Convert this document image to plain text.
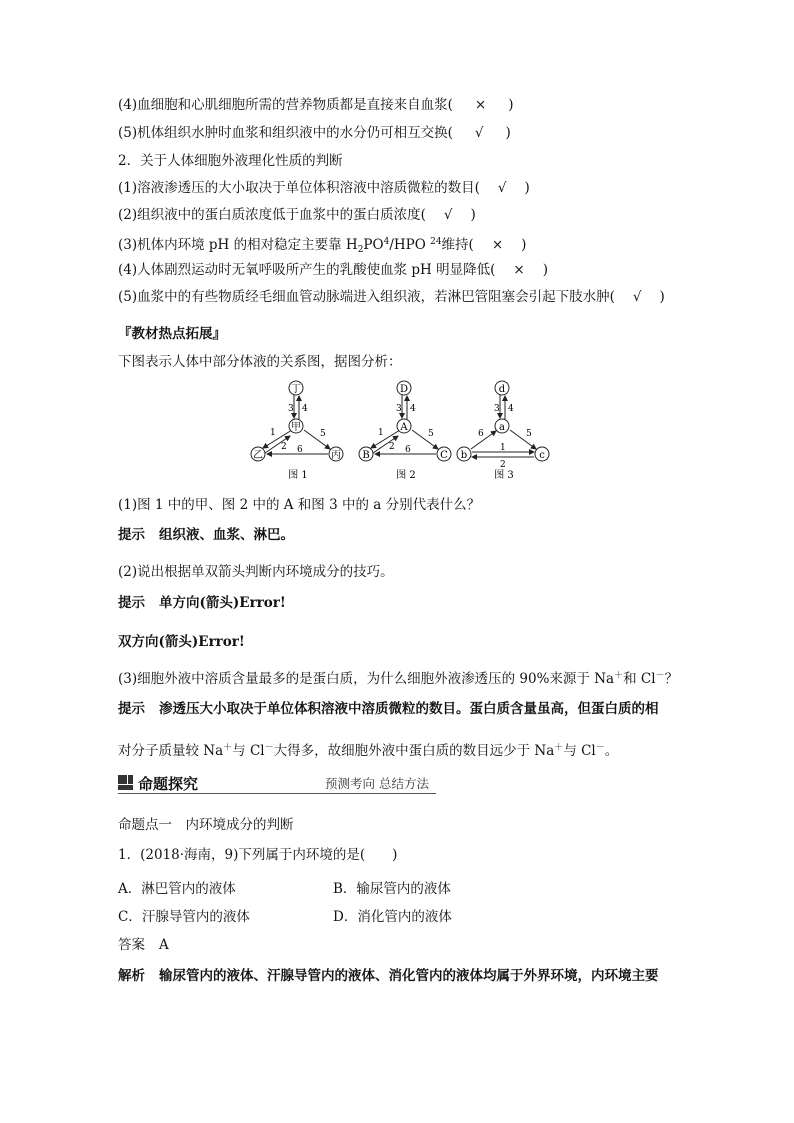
(4)血细胞和心肌细胞所需的营养物质都是直接来自血浆( × )
(5)机体组织水肿时血浆和组织液中的水分仍可相互交换( √ )
2．关于人体细胞外液理化性质的判断
(1)溶液渗透压的大小取决于单位体积溶液中溶质微粒的数目( √ )
(2)组织液中的蛋白质浓度低于血浆中的蛋白质浓度( √ )
(3)机体内环境 pH 的相对稳定主要靠 $H_2PO^4$/HPO $^{24}$维持( × )
(4)人体剧烈运动时无氧呼吸所产生的乳酸使血浆 pH 明显降低( × )
(5)血浆中的有些物质经毛细血管动脉端进入组织液，若淋巴管阻塞会引起下肢水肿( √ )
『教材热点拓展』
下图表示人体中部分体液的关系图，据图分析：
丁
甲
乙	丙
3 4
1
2
5
6
图 1
D
A
B	C
3 4
1
2
5
6
图 2
d
a
b	c
3 4
6	5
1
2
图 3
(1)图 1 中的甲、图 2 中的 A 和图 3 中的 a 分别代表什么？
提示 组织液、血浆、淋巴。
(2)说出根据单双箭头判断内环境成分的技巧。
提示 单方向(箭头)Error!
双方向(箭头)Error!
(3)细胞外液中溶质含量最多的是蛋白质，为什么细胞外液渗透压的 90%来源于 Na＋和 Cl－？
提示 渗透压大小取决于单位体积溶液中溶质微粒的数目。蛋白质含量虽高，但蛋白质的相
对分子质量较 Na＋与 Cl－大得多，故细胞外液中蛋白质的数目远少于 Na＋与 Cl－。
命题探究	预测考向 总结方法
命题点一　内环境成分的判断
1．(2018·海南，9)下列属于内环境的是(　　)
A．淋巴管内的液体	B．输尿管内的液体
C．汗腺导管内的液体	D．消化管内的液体
答案 A
解析 输尿管内的液体、汗腺导管内的液体、消化管内的液体均属于外界环境，内环境主要
